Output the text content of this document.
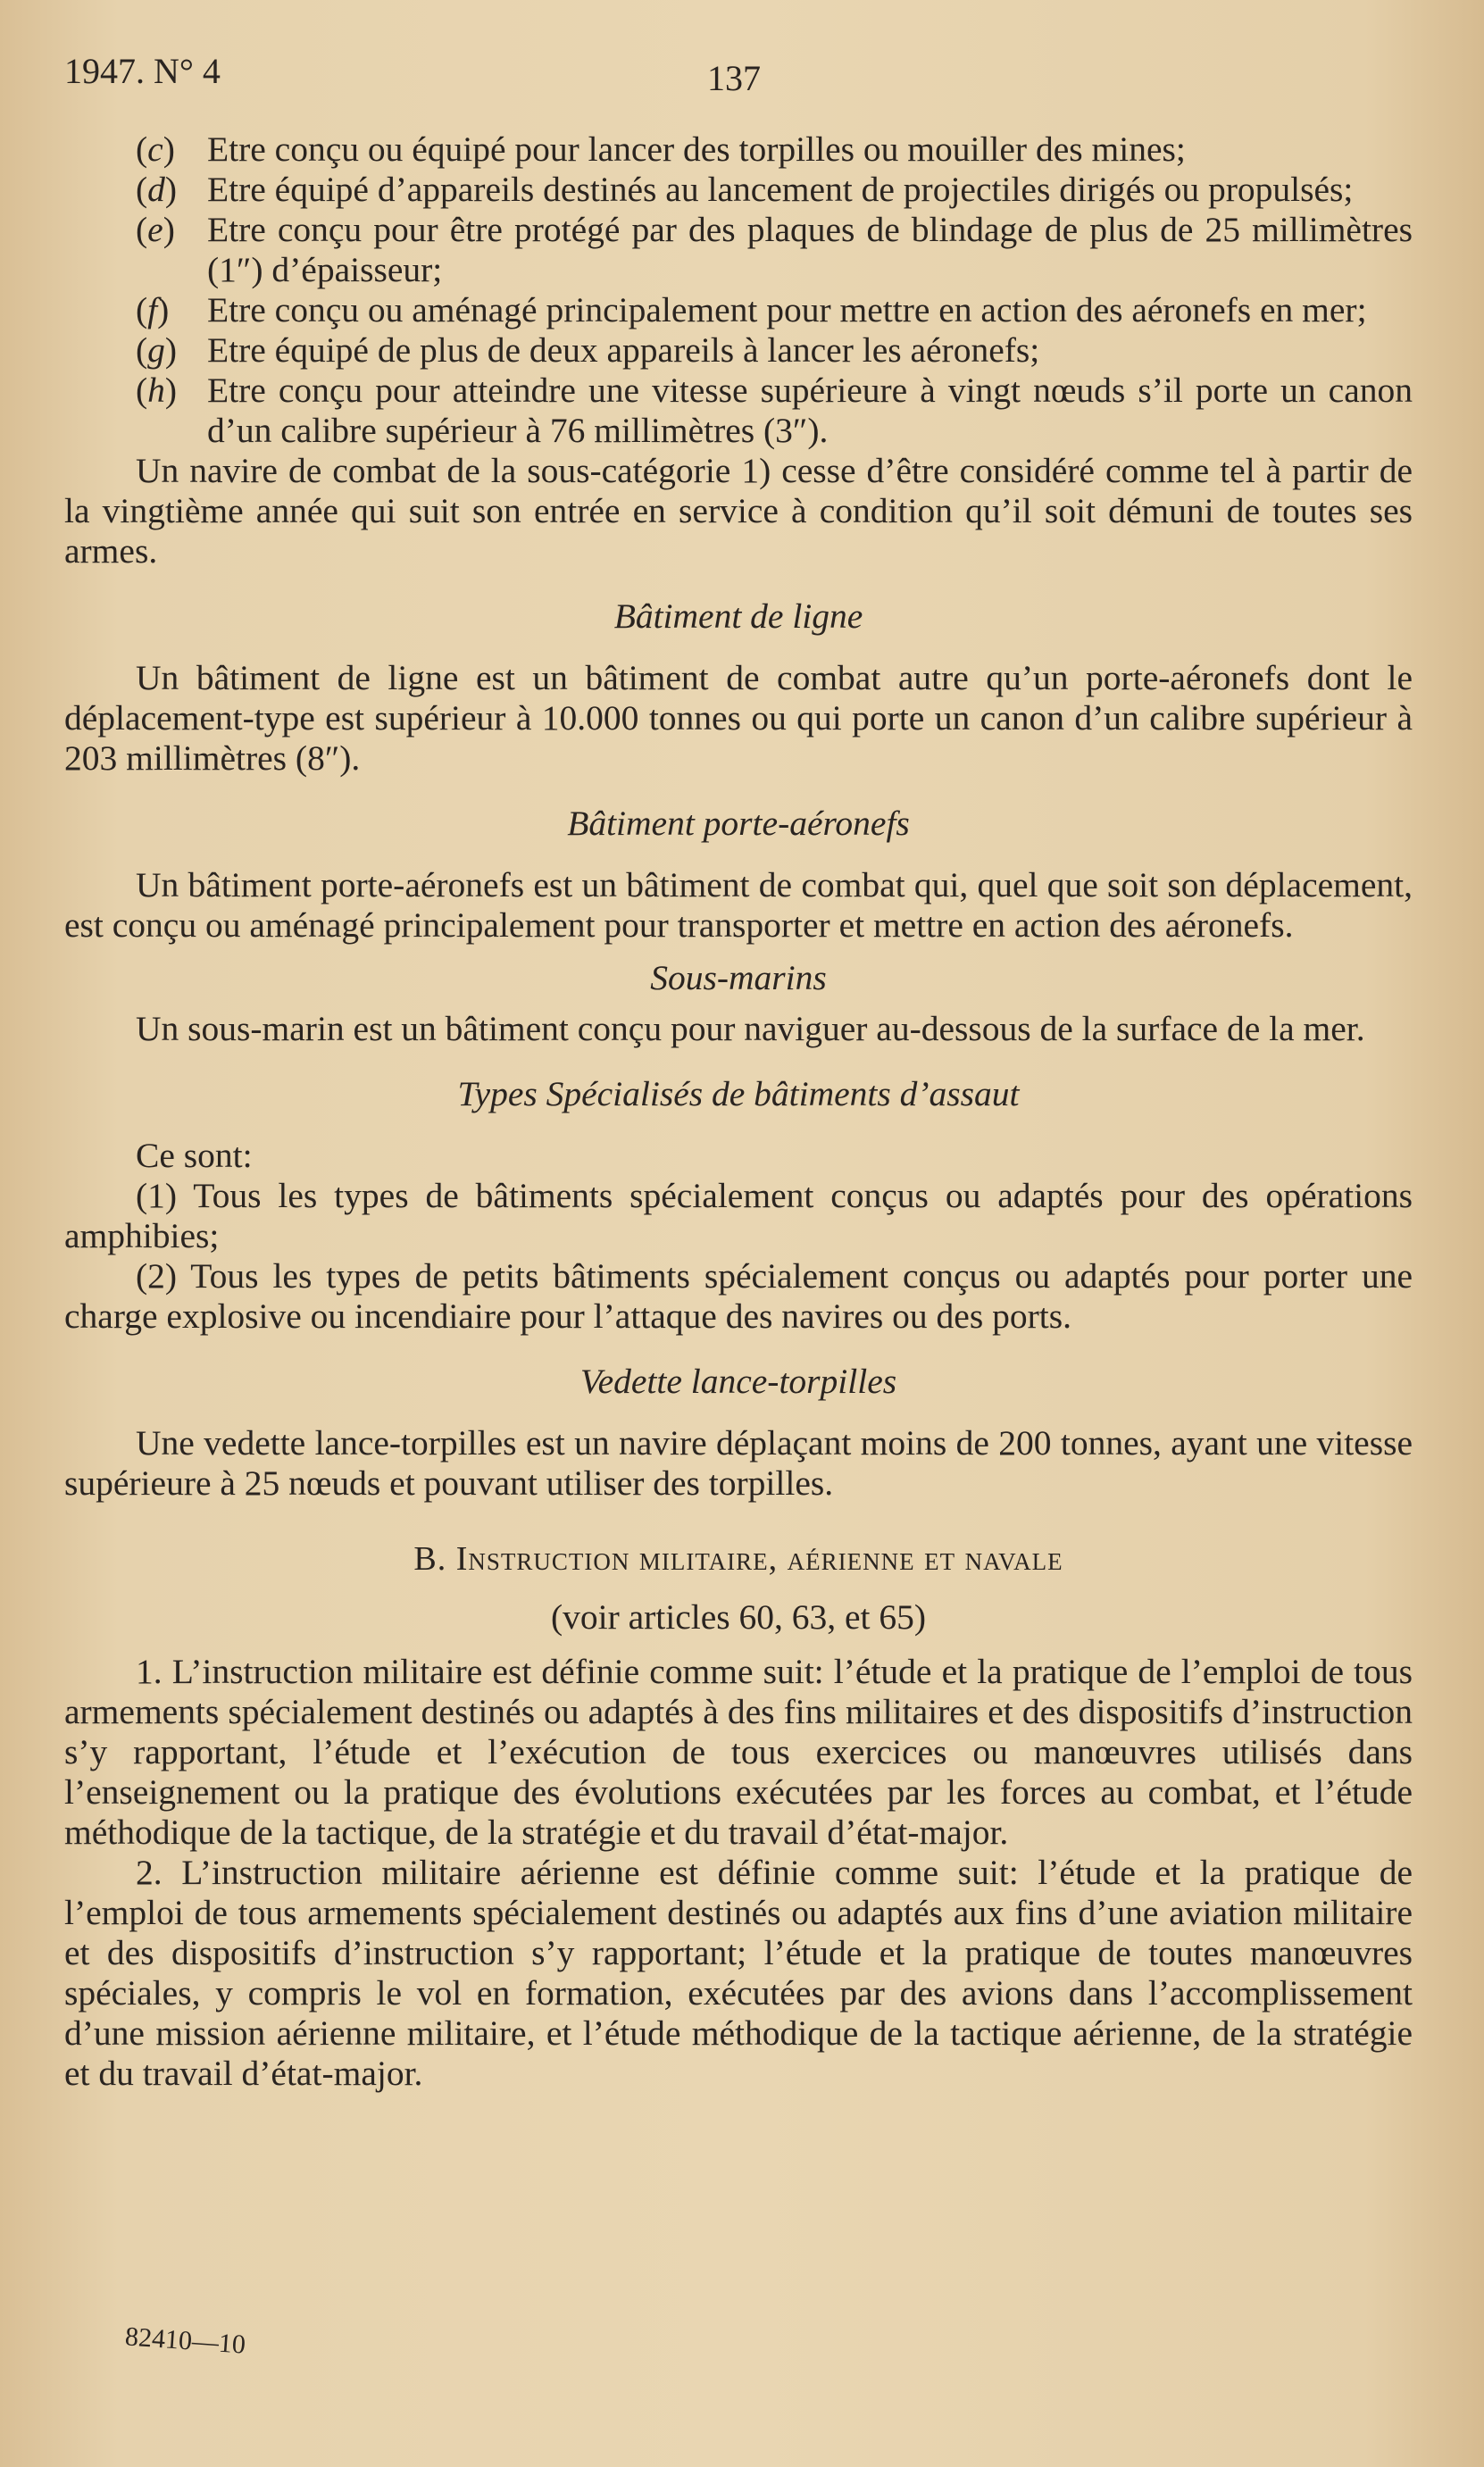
1947. N° 4	137
( c )	Etre conçu ou équipé pour lancer des torpilles ou mouiller des mines;
( d )	Etre équipé d’appareils destinés au lancement de projectiles dirigés ou propulsés;
( e )	Etre conçu pour être protégé par des plaques de blindage de plus de 25 millimètres (1″) d’épaisseur;
( f )	Etre conçu ou aménagé principalement pour mettre en action des aéronefs en mer;
( g )	Etre équipé de plus de deux appareils à lancer les aéronefs;
( h )	Etre conçu pour atteindre une vitesse supérieure à vingt nœuds s’il porte un canon d’un calibre supérieur à 76 millimètres (3″).

Un navire de combat de la sous-catégorie 1) cesse d’être considéré comme tel à partir de la vingtième année qui suit son entrée en service à condition qu’il soit démuni de toutes ses armes.

Bâtiment de ligne

Un bâtiment de ligne est un bâtiment de combat autre qu’un porte-aéronefs dont le déplacement-type est supérieur à 10.000 tonnes ou qui porte un canon d’un calibre supérieur à 203 millimètres (8″).

Bâtiment porte-aéronefs

Un bâtiment porte-aéronefs est un bâtiment de combat qui, quel que soit son déplacement, est conçu ou aménagé principalement pour transporter et mettre en action des aéronefs.

Sous-marins

Un sous-marin est un bâtiment conçu pour naviguer au-dessous de la surface de la mer.

Types Spécialisés de bâtiments d’assaut

Ce sont:

(1) Tous les types de bâtiments spécialement conçus ou adaptés pour des opérations amphibies;

(2) Tous les types de petits bâtiments spécialement conçus ou adaptés pour porter une charge explosive ou incendiaire pour l’attaque des navires ou des ports.

Vedette lance-torpilles

Une vedette lance-torpilles est un navire déplaçant moins de 200 tonnes, ayant une vitesse supérieure à 25 nœuds et pouvant utiliser des torpilles.

B. Instruction militaire, aérienne et navale
(voir articles 60, 63, et 65)

1. L’instruction militaire est définie comme suit: l’étude et la pratique de l’emploi de tous armements spécialement destinés ou adaptés à des fins militaires et des dispositifs d’instruction s’y rapportant, l’étude et l’exécution de tous exercices ou manœuvres utilisés dans l’enseignement ou la pratique des évolutions exécutées par les forces au combat, et l’étude méthodique de la tactique, de la stratégie et du travail d’état-major.

2. L’instruction militaire aérienne est définie comme suit: l’étude et la pratique de l’emploi de tous armements spécialement destinés ou adaptés aux fins d’une aviation militaire et des dispositifs d’instruction s’y rapportant; l’étude et la pratique de toutes manœuvres spéciales, y compris le vol en formation, exécutées par des avions dans l’accomplissement d’une mission aérienne militaire, et l’étude méthodique de la tactique aérienne, de la stratégie et du travail d’état-major.

82410—10
